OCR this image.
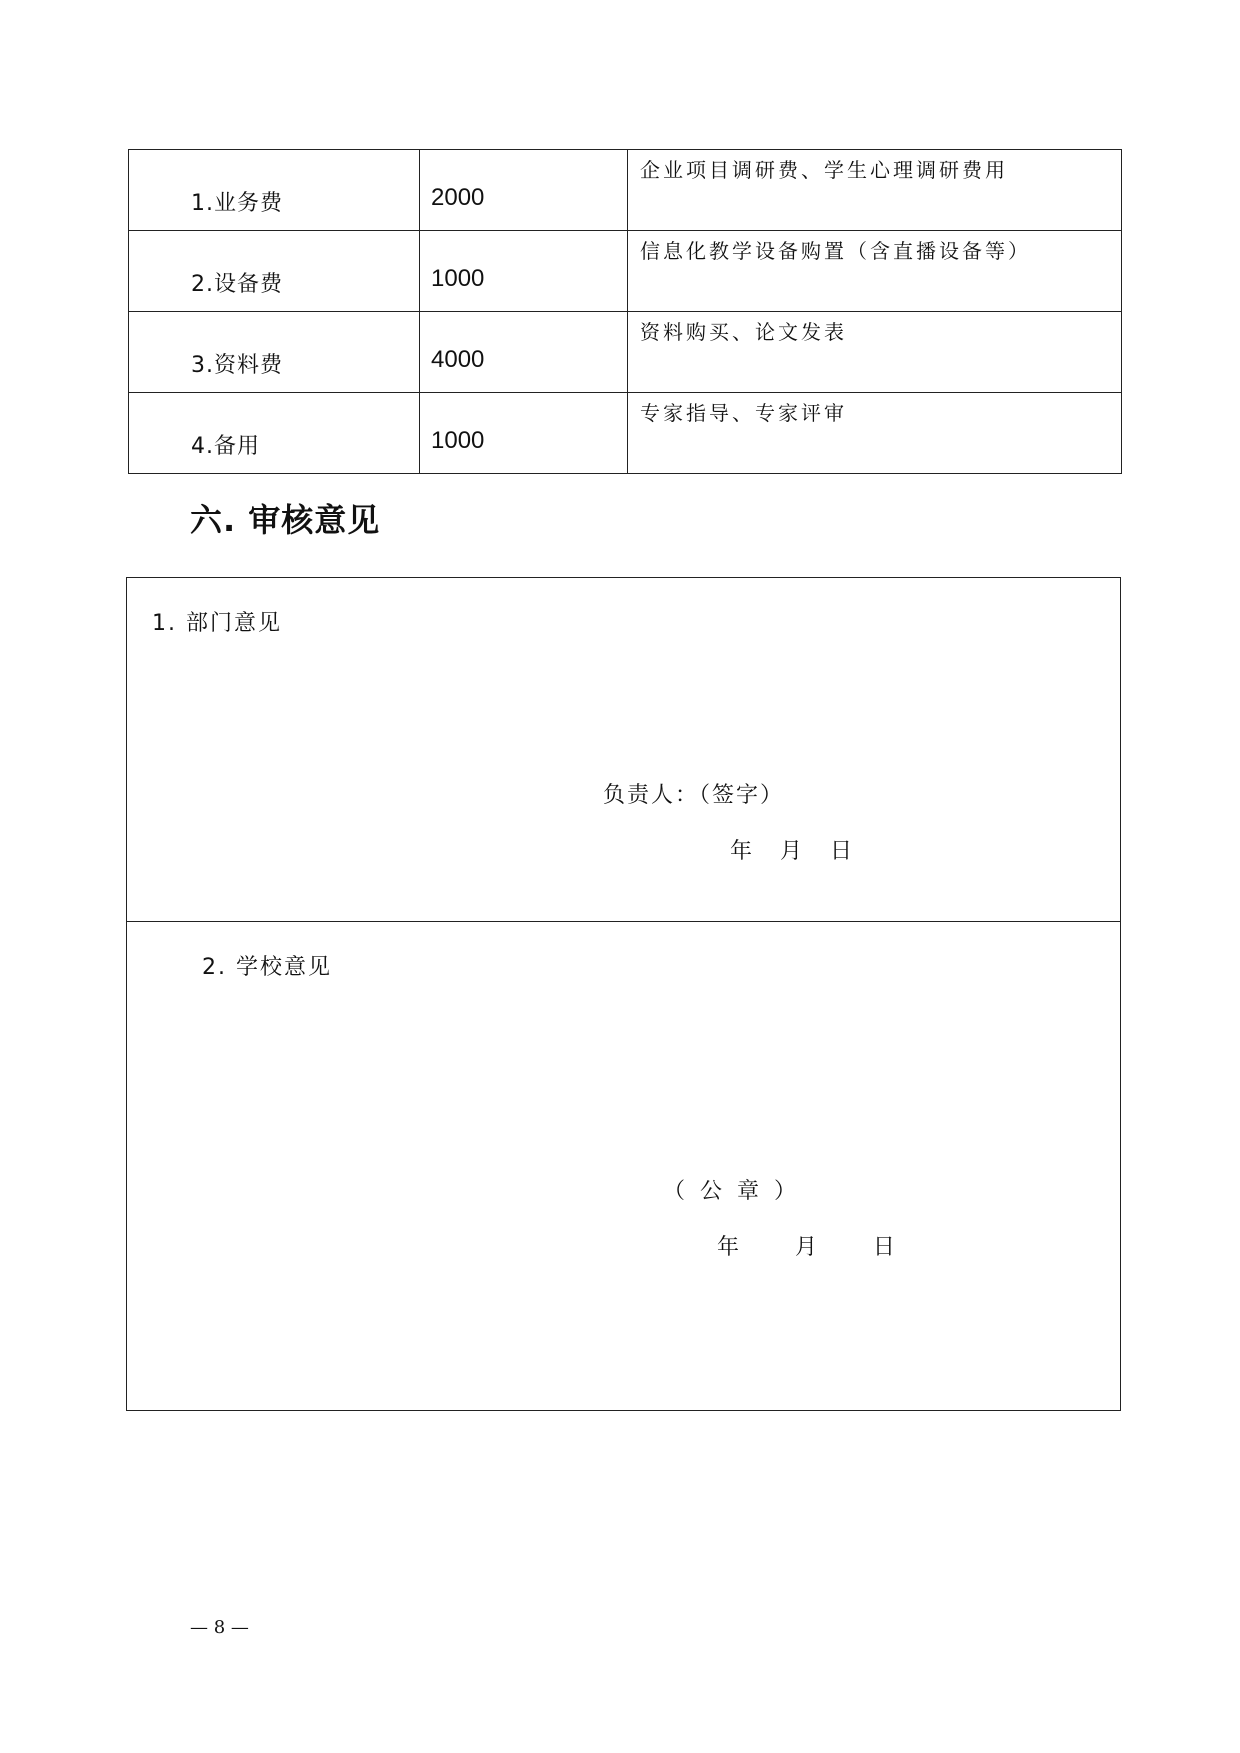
1.业务费	2000	企业项目调研费、学生心理调研费用

2.设备费	1000	信息化教学设备购置（含直播设备等）

3.资料费	4000	资料购买、论文发表

4.备用	1000	专家指导、专家评审
六. 审核意见
1. 部门意见
负责人：（签字）
年    月    日
2. 学校意见
（ 公 章 ）
年        月        日
— 8 —
